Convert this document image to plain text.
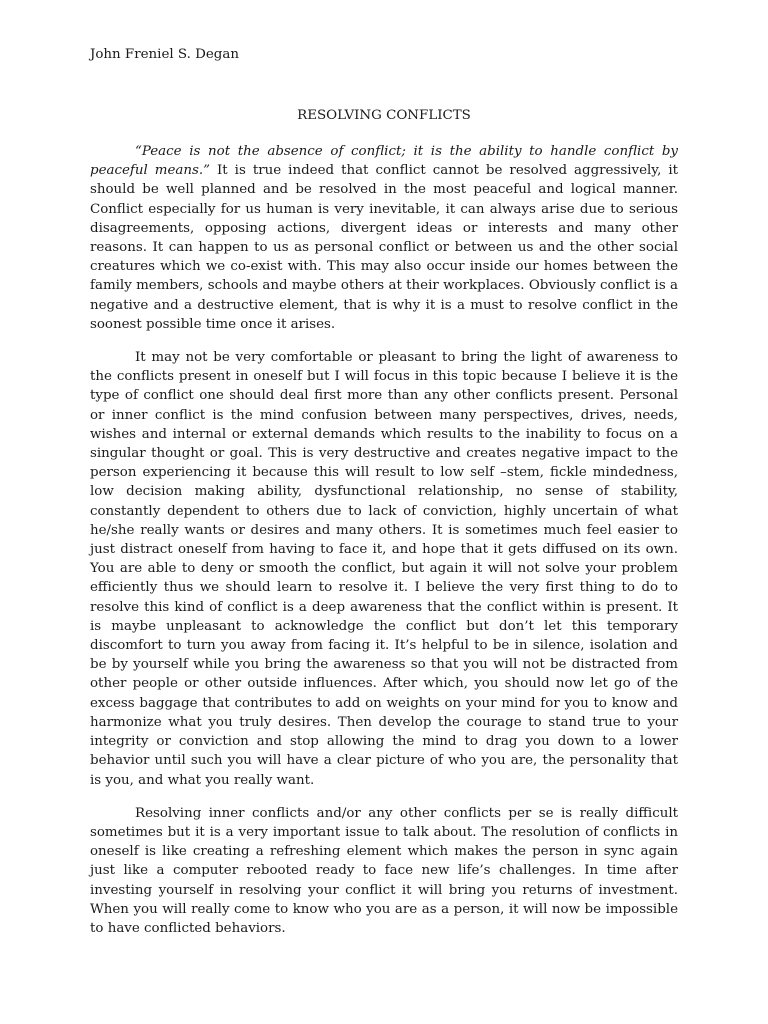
John Freniel S. Degan

RESOLVING CONFLICTS

“Peace is not the absence of conflict; it is the ability to handle conflict by peaceful means.” It is true indeed that conflict cannot be resolved aggressively, it should be well planned and be resolved in the most peaceful and logical manner. Conflict especially for us human is very inevitable, it can always arise due to serious disagreements, opposing actions, divergent ideas or interests and many other reasons. It can happen to us as personal conflict or between us and the other social creatures which we co-exist with. This may also occur inside our homes between the family members, schools and maybe others at their workplaces. Obviously conflict is a negative and a destructive element, that is why it is a must to resolve conflict in the soonest possible time once it arises.

It may not be very comfortable or pleasant to bring the light of awareness to the conflicts present in oneself but I will focus in this topic because I believe it is the type of conflict one should deal first more than any other conflicts present. Personal or inner conflict is the mind confusion between many perspectives, drives, needs, wishes and internal or external demands which results to the inability to focus on a singular thought or goal. This is very destructive and creates negative impact to the person experiencing it because this will result to low self –stem, fickle mindedness, low decision making ability, dysfunctional relationship, no sense of stability, constantly dependent to others due to lack of conviction, highly uncertain of what he/she really wants or desires and many others. It is sometimes much feel easier to just distract oneself from having to face it, and hope that it gets diffused on its own. You are able to deny or smooth the conflict, but again it will not solve your problem efficiently thus we should learn to resolve it. I believe the very first thing to do to resolve this kind of conflict is a deep awareness that the conflict within is present. It is maybe unpleasant to acknowledge the conflict but don’t let this temporary discomfort to turn you away from facing it. It’s helpful to be in silence, isolation and be by yourself while you bring the awareness so that you will not be distracted from other people or other outside influences. After which, you should now let go of the excess baggage that contributes to add on weights on your mind for you to know and harmonize what you truly desires. Then develop the courage to stand true to your integrity or conviction and stop allowing the mind to drag you down to a lower behavior until such you will have a clear picture of who you are, the personality that is you, and what you really want.

Resolving inner conflicts and/or any other conflicts per se is really difficult sometimes but it is a very important issue to talk about. The resolution of conflicts in oneself is like creating a refreshing element which makes the person in sync again just like a computer rebooted ready to face new life’s challenges. In time after investing yourself in resolving your conflict it will bring you returns of investment. When you will really come to know who you are as a person, it will now be impossible to have conflicted behaviors.
